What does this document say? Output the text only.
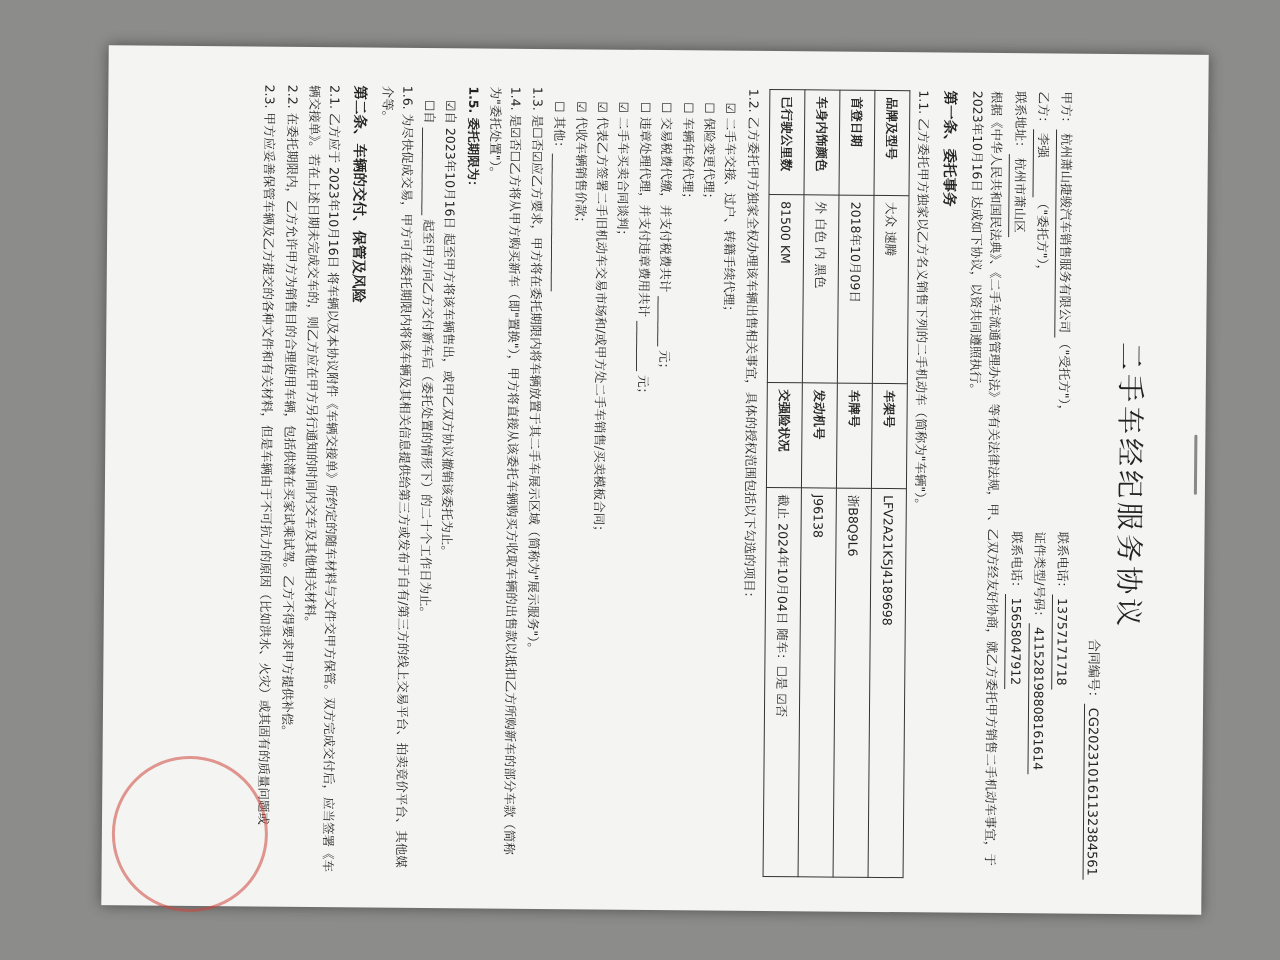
二手车经纪服务协议
合同编号：CG20231016113238456​1
甲方：杭州萧山捷骏汽车销售服务有限公司（"受托方"），
联系电话：13757171718
乙方：李强（"委托方"），
证件类型/号码：411528198808161614
联系地址：杭州市萧山区
联系电话：15658047912

根据《中华人民共和国民法典》、《二手车流通管理办法》等有关法律法规，甲、乙双方经友好协商，就乙方委托甲方销售二手机动车事宜，于 2023年10月16日 达成如下协议，以资共同遵照执行。

第一条、委托事务

1.1. 乙方委托甲方独家以乙方名义销售下列的二手机动车（简称为"车辆"）。

品牌及型号	大众 速腾	车架号	LFV2A21K5J4189698
首登日期	2018年10月09日	车牌号	浙B8Q9L6
车身内饰颜色	外 白色 内 黑色	发动机号	J96138
已行驶公里数	81500 KM	交强险状况	截止 2024年10月04日 随车：☐是 ☑否

1.2. 乙方委托甲方独家全权办理该车辆出售相关事宜，具体的授权范围包括以下勾选的项目：

☑ 二手车交接、过户、转籍手续代理；
☐ 保险变更代理；
☐ 车辆年检代理；
☐ 交易税费代缴，并支付税费共计 ________ 元；
☐ 违章处理代理，并支付违章费用共计 ________ 元；
☑ 二手车买卖合同谈判；
☑ 代表乙方签署二手旧机动车交易市场和/或甲方处二手车销售/买卖模板合同；
☑ 代收车辆销售价款；
☐ 其他：______________________

1.3. 是☐否☑应乙方要求，甲方将在委托期限内将车辆放置于其二手车展示区域（简称为"展示服务"）。

1.4. 是☑否☐乙方将从甲方购买新车（即"置换"），甲方将直接从该委托车辆购买方收取车辆的出售款以抵扣乙方所购新车的部分车款（简称为"委托处置"）。

1.5. 委托期限为：

☑自 2023年10月16日 起至甲方将该车辆售出，或甲乙双方协议撤销该委托为止。
☐自 ______________ 起至甲方向乙方交付新车后（委托处置的情形下）的二十个工作日为止。

1.6. 为尽快促成交易，甲方可在委托期限内将该车辆及其相关信息提供给第三方或发布于自有/第三方的线上交易平台、拍卖竞价平台、其他媒介等。

第二条、车辆的交付、保管及风险

2.1. 乙方应于 2023年10月16日 将车辆以及本协议附件《车辆交接单》所约定的随车材料与文件交甲方保管。双方完成交付后，应当签署《车辆交接单》。若在上述日期未完成交车的，则乙方应在甲方另行通知的时间内交车及其他相关材料。

2.2. 在委托期限内，乙方允许甲方为销售目的合理使用车辆，包括供潜在买家试乘试驾。乙方不得要求甲方提供补偿。

2.3. 甲方应妥善保管车辆及乙方提交的各种文件和有关材料，但是车辆由于不可抗力的原因（比如洪水、火灾）或其固有的质量问题或
